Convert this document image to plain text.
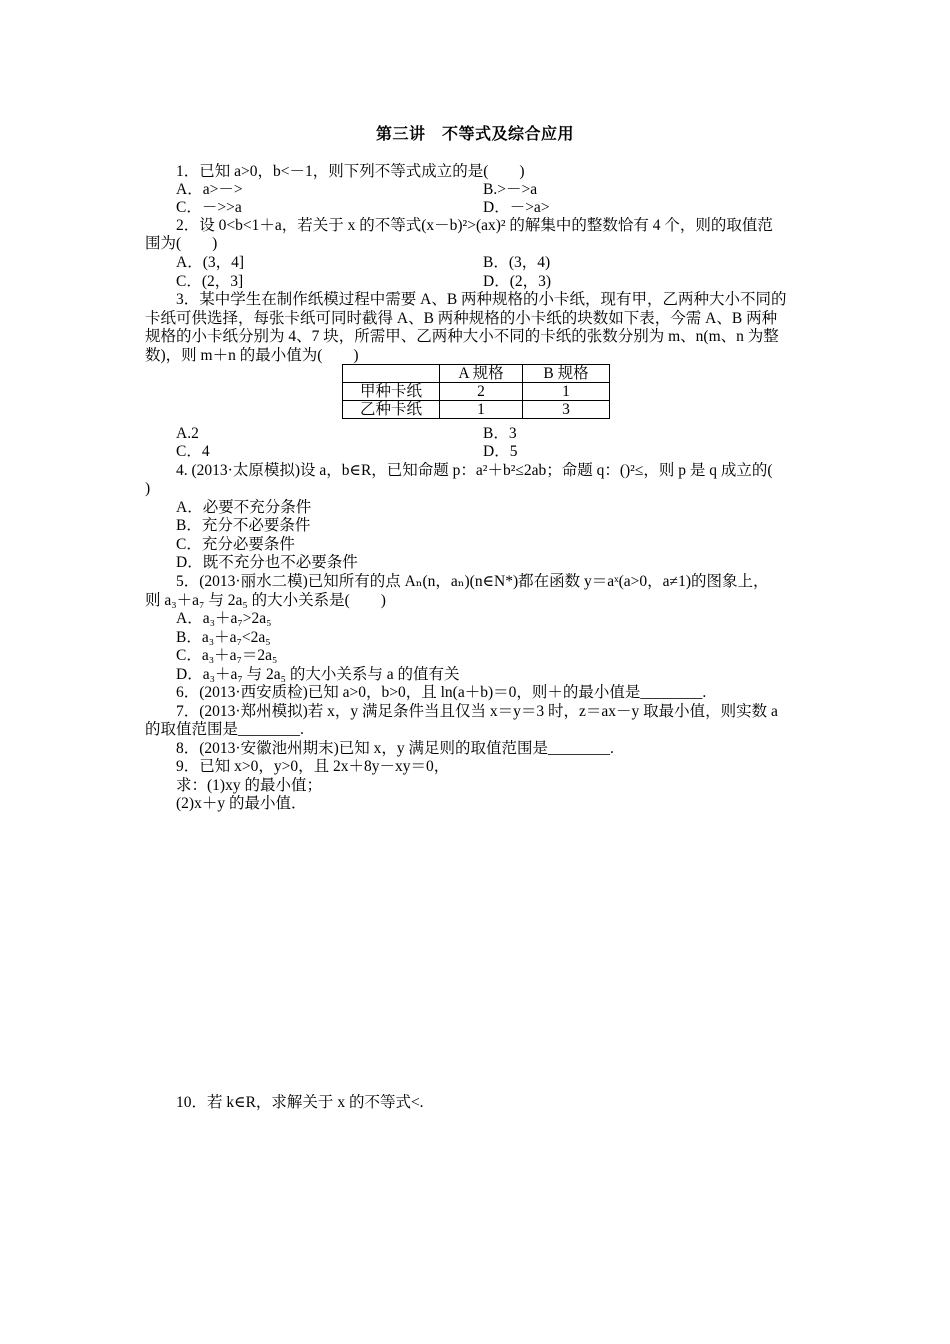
第三讲　不等式及综合应用
1．已知 a>0，b<－1，则下列不等式成立的是(　　)
A．a>－>	B.>－>a
C．－>>a	D．－>a>
2．设 0<b<1＋a，若关于 x 的不等式(x－b)²>(ax)² 的解集中的整数恰有 4 个，则的取值范
围为(　　)
A．(3，4]	B．(3，4)
C．(2，3]	D．(2，3)
3．某中学生在制作纸模过程中需要 A、B 两种规格的小卡纸，现有甲，乙两种大小不同的
卡纸可供选择，每张卡纸可同时截得 A、B 两种规格的小卡纸的块数如下表，今需 A、B 两种
规格的小卡纸分别为 4、7 块，所需甲、乙两种大小不同的卡纸的张数分别为 m、n(m、n 为整
数)，则 m＋n 的最小值为(　　)
A.2	B．3
C．4	D．5
4. (2013·太原模拟)设 a，b∈R，已知命题 p：a²＋b²≤2ab；命题 q：()²≤，则 p 是 q 成立的(
)
A．必要不充分条件
B．充分不必要条件
C．充分必要条件
D．既不充分也不必要条件
5．(2013·丽水二模)已知所有的点 Aₙ(n，aₙ)(n∈N*)都在函数 y＝aˣ(a>0，a≠1)的图象上，
则 a₃＋a₇ 与 2a₅ 的大小关系是(　　)
A．a₃＋a₇>2a₅
B．a₃＋a₇<2a₅
C．a₃＋a₇＝2a₅
D．a₃＋a₇ 与 2a₅ 的大小关系与 a 的值有关
6．(2013·西安质检)已知 a>0，b>0，且 ln(a＋b)＝0，则＋的最小值是________.
7．(2013·郑州模拟)若 x，y 满足条件当且仅当 x＝y＝3 时，z＝ax－y 取最小值，则实数 a
的取值范围是________.
8．(2013·安徽池州期末)已知 x，y 满足则的取值范围是________.
9．已知 x>0，y>0，且 2x＋8y－xy＝0，
求：(1)xy 的最小值；
(2)x＋y 的最小值．
10．若 k∈R，求解关于 x 的不等式<.
	A 规格	B 规格
甲种卡纸	2	1
乙种卡纸	1	3
